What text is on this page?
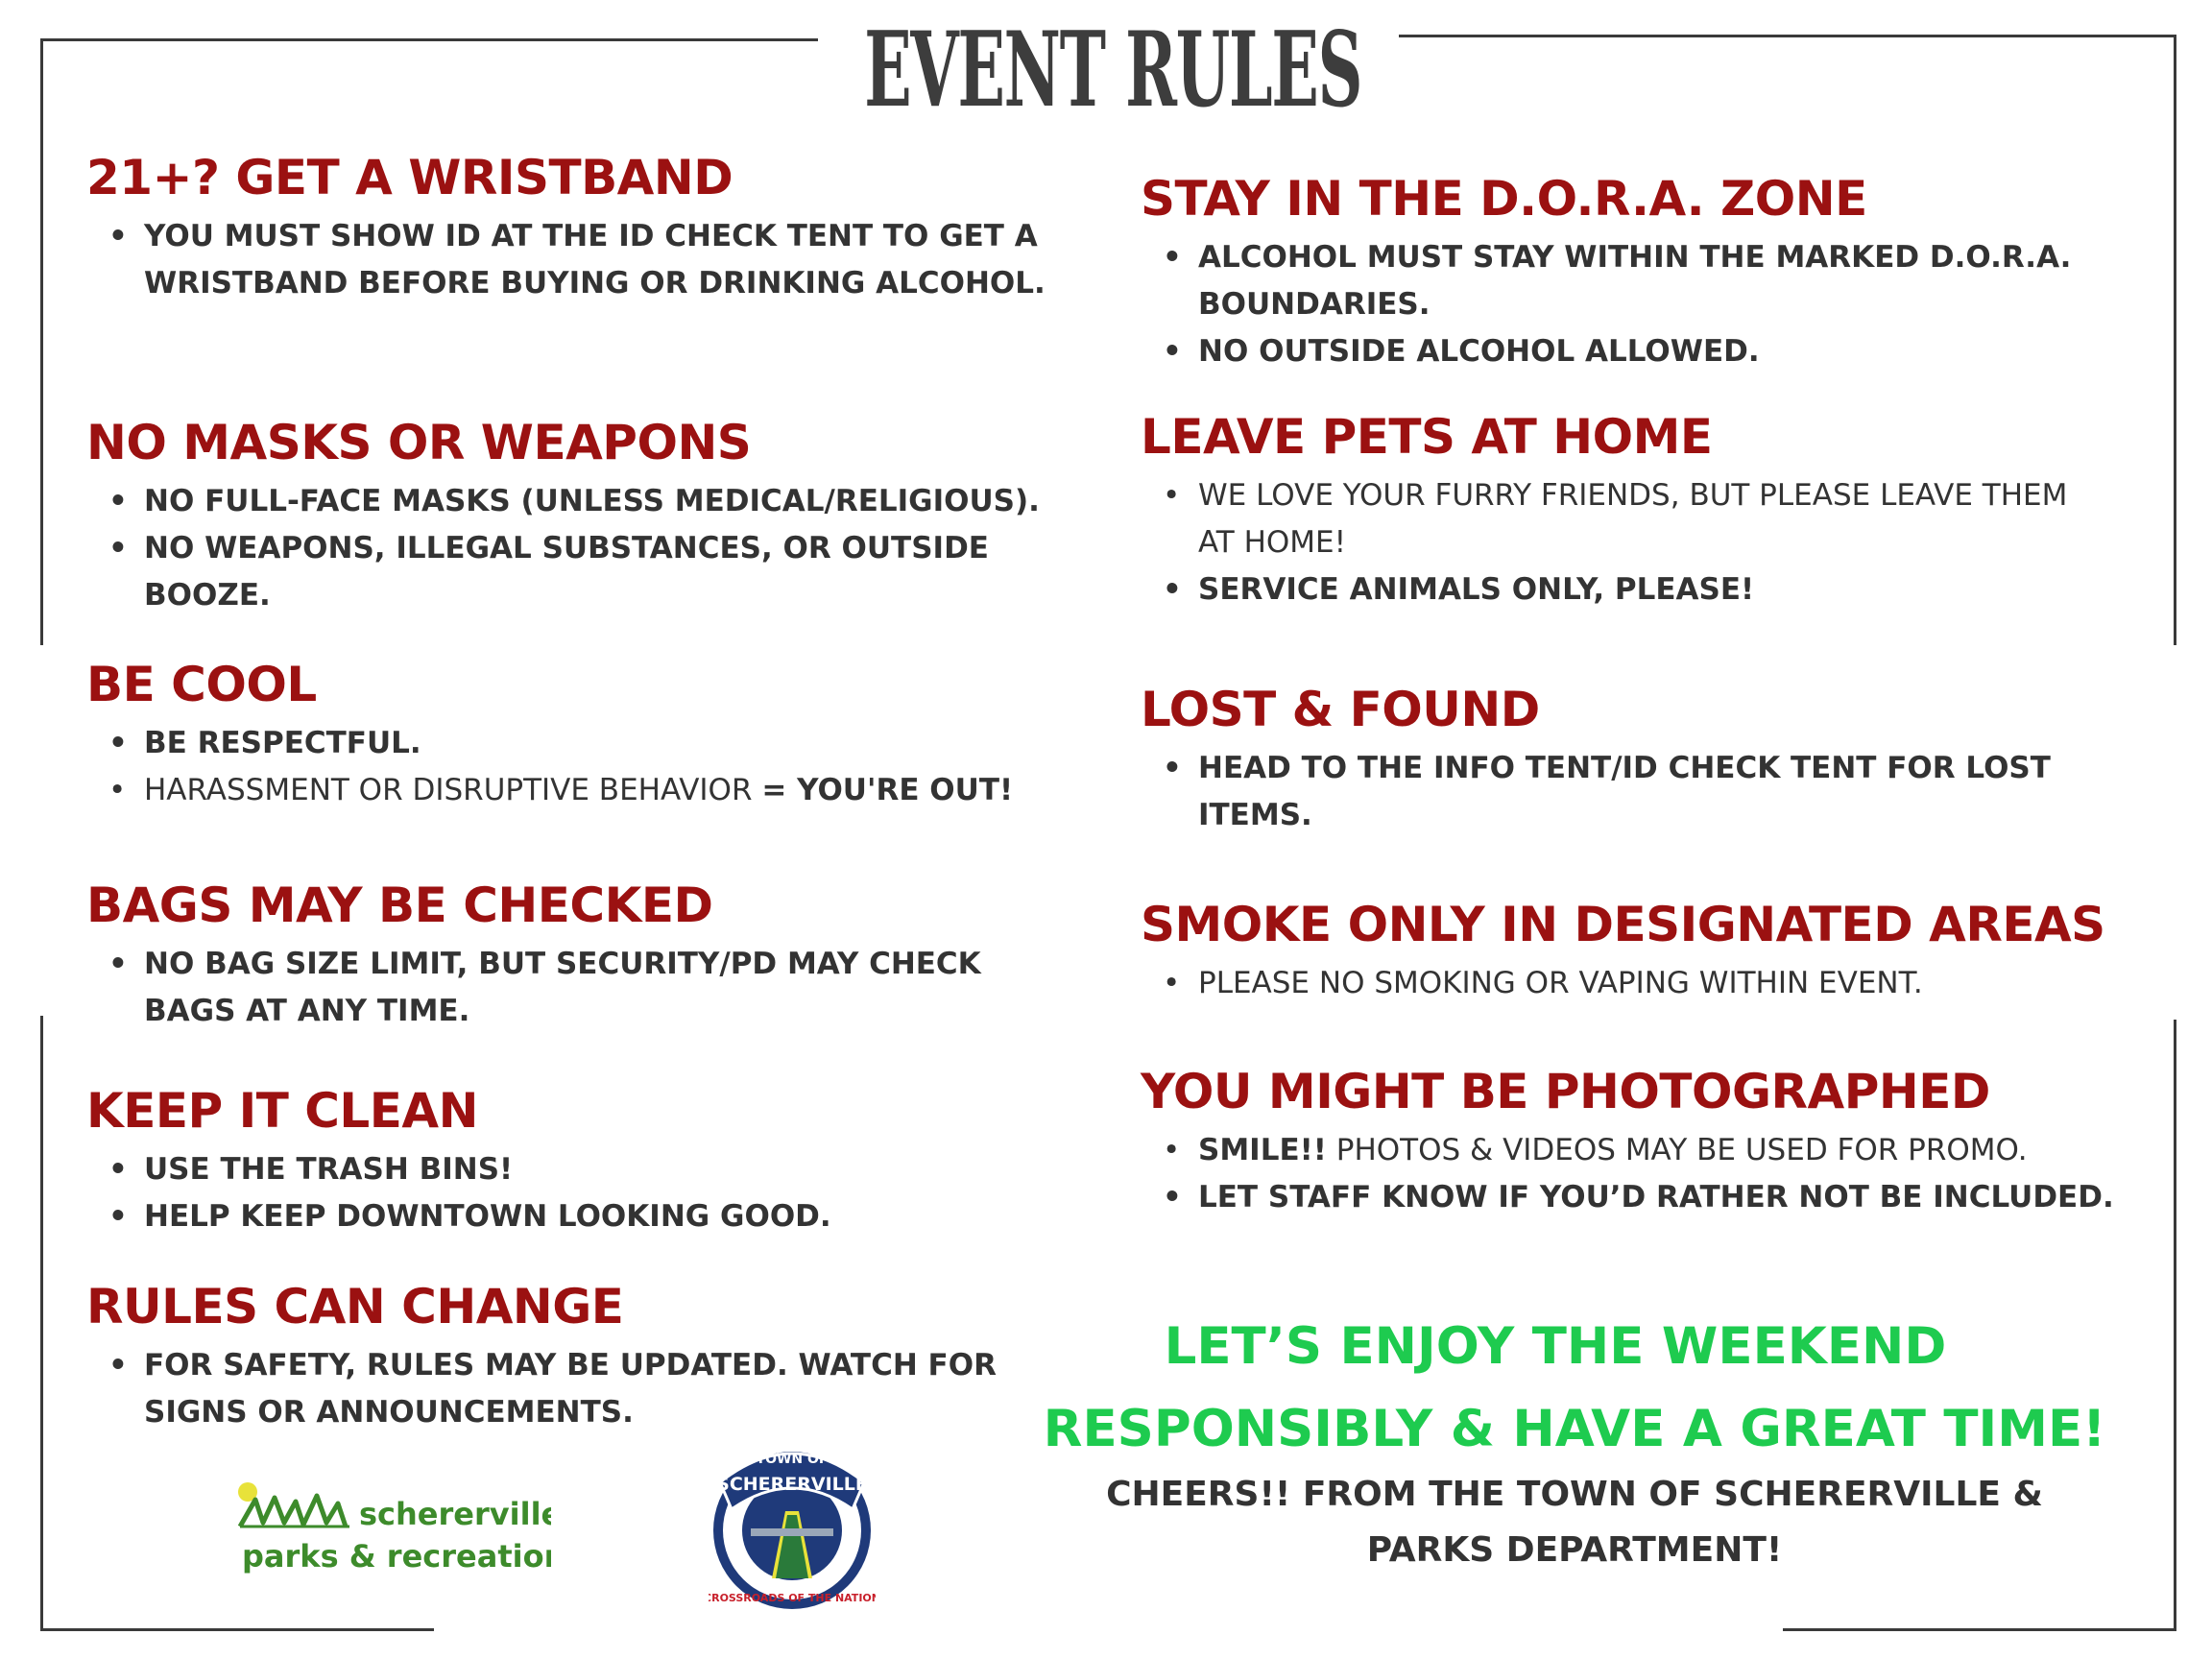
EVENT RULES
21+? GET A WRISTBAND
• YOU MUST SHOW ID AT THE ID CHECK TENT TO GET A WRISTBAND BEFORE BUYING OR DRINKING ALCOHOL.
NO MASKS OR WEAPONS
• NO FULL-FACE MASKS (UNLESS MEDICAL/RELIGIOUS).
• NO WEAPONS, ILLEGAL SUBSTANCES, OR OUTSIDE BOOZE.
BE COOL
• BE RESPECTFUL.
• HARASSMENT OR DISRUPTIVE BEHAVIOR = YOU'RE OUT!
BAGS MAY BE CHECKED
• NO BAG SIZE LIMIT, BUT SECURITY/PD MAY CHECK BAGS AT ANY TIME.
KEEP IT CLEAN
• USE THE TRASH BINS!
• HELP KEEP DOWNTOWN LOOKING GOOD.
RULES CAN CHANGE
• FOR SAFETY, RULES MAY BE UPDATED. WATCH FOR SIGNS OR ANNOUNCEMENTS.
STAY IN THE D.O.R.A. ZONE
• ALCOHOL MUST STAY WITHIN THE MARKED D.O.R.A. BOUNDARIES.
• NO OUTSIDE ALCOHOL ALLOWED.
LEAVE PETS AT HOME
• WE LOVE YOUR FURRY FRIENDS, BUT PLEASE LEAVE THEM AT HOME!
• SERVICE ANIMALS ONLY, PLEASE!
LOST & FOUND
• HEAD TO THE INFO TENT/ID CHECK TENT FOR LOST ITEMS.
SMOKE ONLY IN DESIGNATED AREAS
• PLEASE NO SMOKING OR VAPING WITHIN EVENT.
YOU MIGHT BE PHOTOGRAPHED
• SMILE!! PHOTOS & VIDEOS MAY BE USED FOR PROMO.
• LET STAFF KNOW IF YOU’D RATHER NOT BE INCLUDED.
LET’S ENJOY THE WEEKEND
RESPONSIBLY & HAVE A GREAT TIME!
CHEERS!! FROM THE TOWN OF SCHERERVILLE & PARKS DEPARTMENT!
schererville
parks & recreation
TOWN OF
SCHERERVILLE
CROSSROADS OF THE NATION
